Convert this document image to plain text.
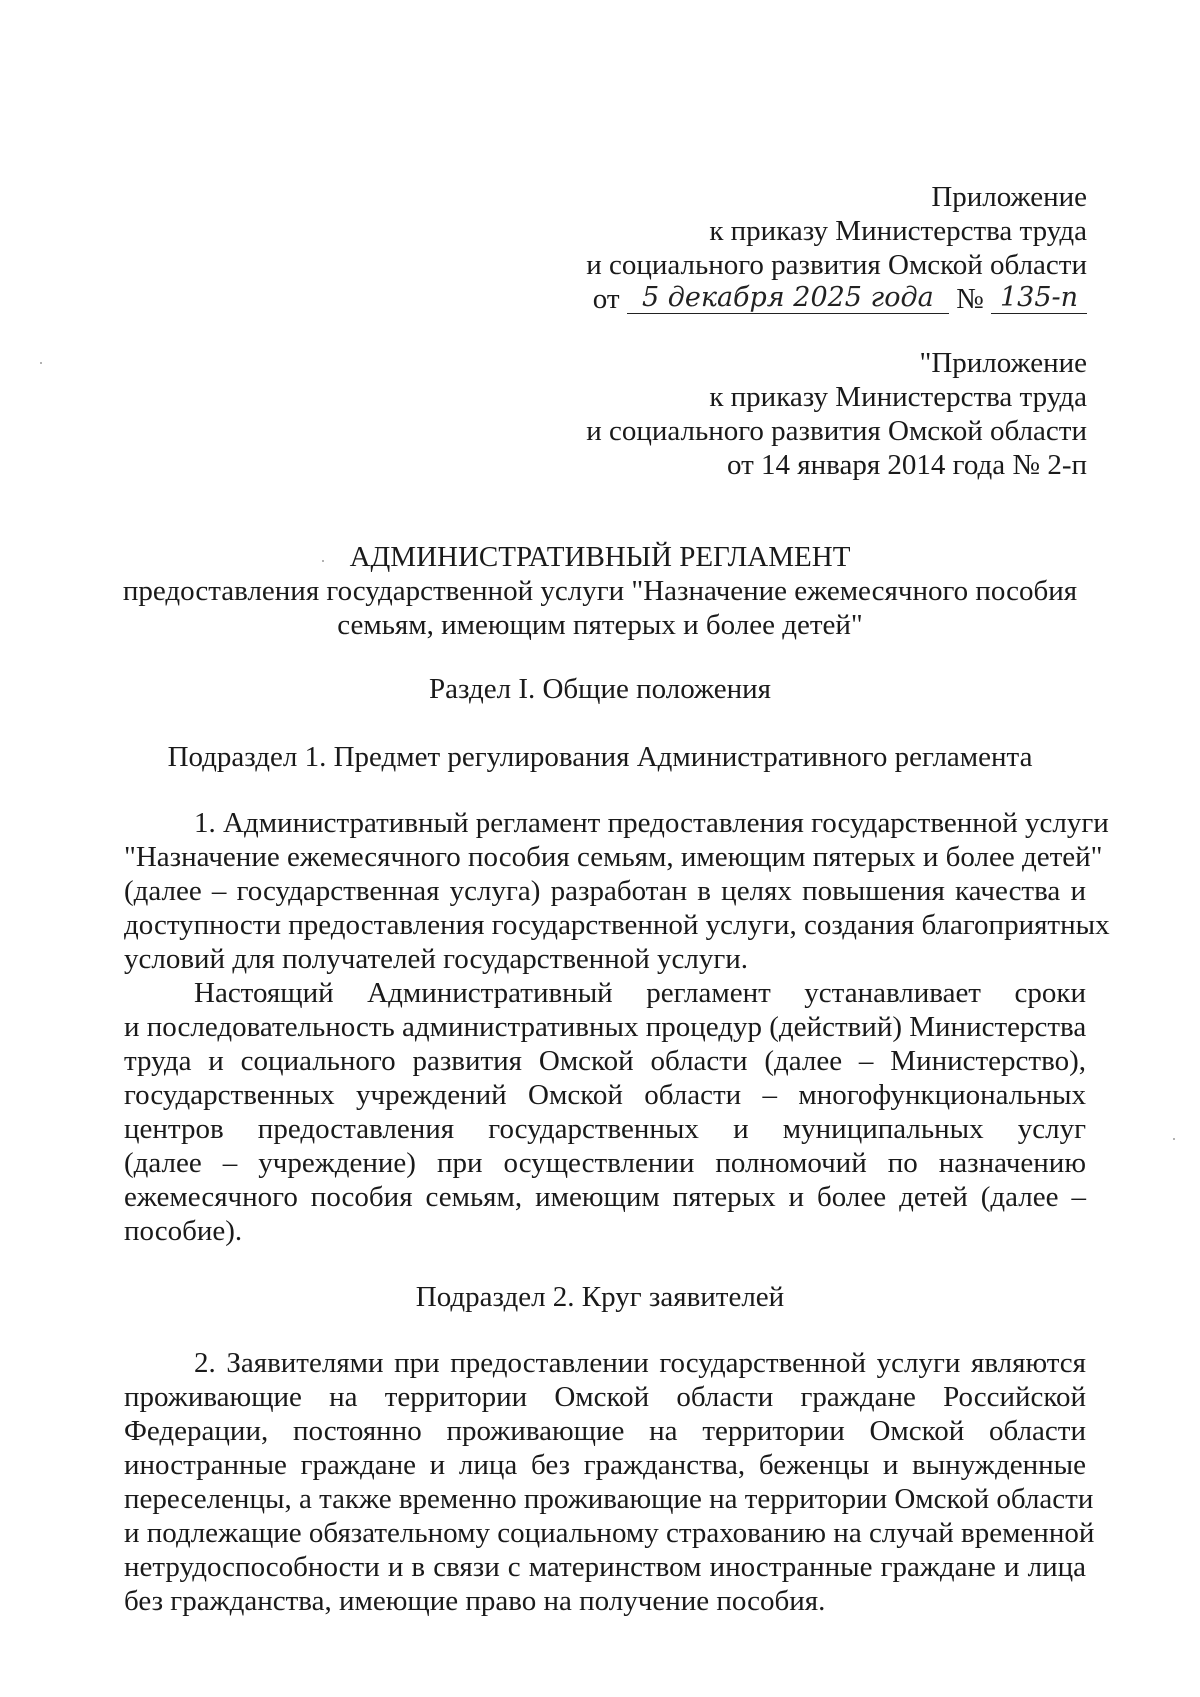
Приложение
к приказу Министерства труда
и социального развития Омской области
от 5 декабря 2025 года № 135-п
"Приложение
к приказу Министерства труда
и социального развития Омской области
от 14 января 2014 года № 2-п
АДМИНИСТРАТИВНЫЙ РЕГЛАМЕНТ
предоставления государственной услуги "Назначение ежемесячного пособия
семьям, имеющим пятерых и более детей"
Раздел I. Общие положения
Подраздел 1. Предмет регулирования Административного регламента
1. Административный регламент предоставления государственной услуги
"Назначение ежемесячного пособия семьям, имеющим пятерых и более детей"
(далее – государственная услуга) разработан в целях повышения качества и
доступности предоставления государственной услуги, создания благоприятных
условий для получателей государственной услуги.
Настоящий Административный регламент устанавливает сроки
и последовательность административных процедур (действий) Министерства
труда и социального развития Омской области (далее – Министерство),
государственных учреждений Омской области – многофункциональных
центров предоставления государственных и муниципальных услуг
(далее – учреждение) при осуществлении полномочий по назначению
ежемесячного пособия семьям, имеющим пятерых и более детей (далее –
пособие).
Подраздел 2. Круг заявителей
2. Заявителями при предоставлении государственной услуги являются
проживающие на территории Омской области граждане Российской
Федерации, постоянно проживающие на территории Омской области
иностранные граждане и лица без гражданства, беженцы и вынужденные
переселенцы, а также временно проживающие на территории Омской области
и подлежащие обязательному социальному страхованию на случай временной
нетрудоспособности и в связи с материнством иностранные граждане и лица
без гражданства, имеющие право на получение пособия.
